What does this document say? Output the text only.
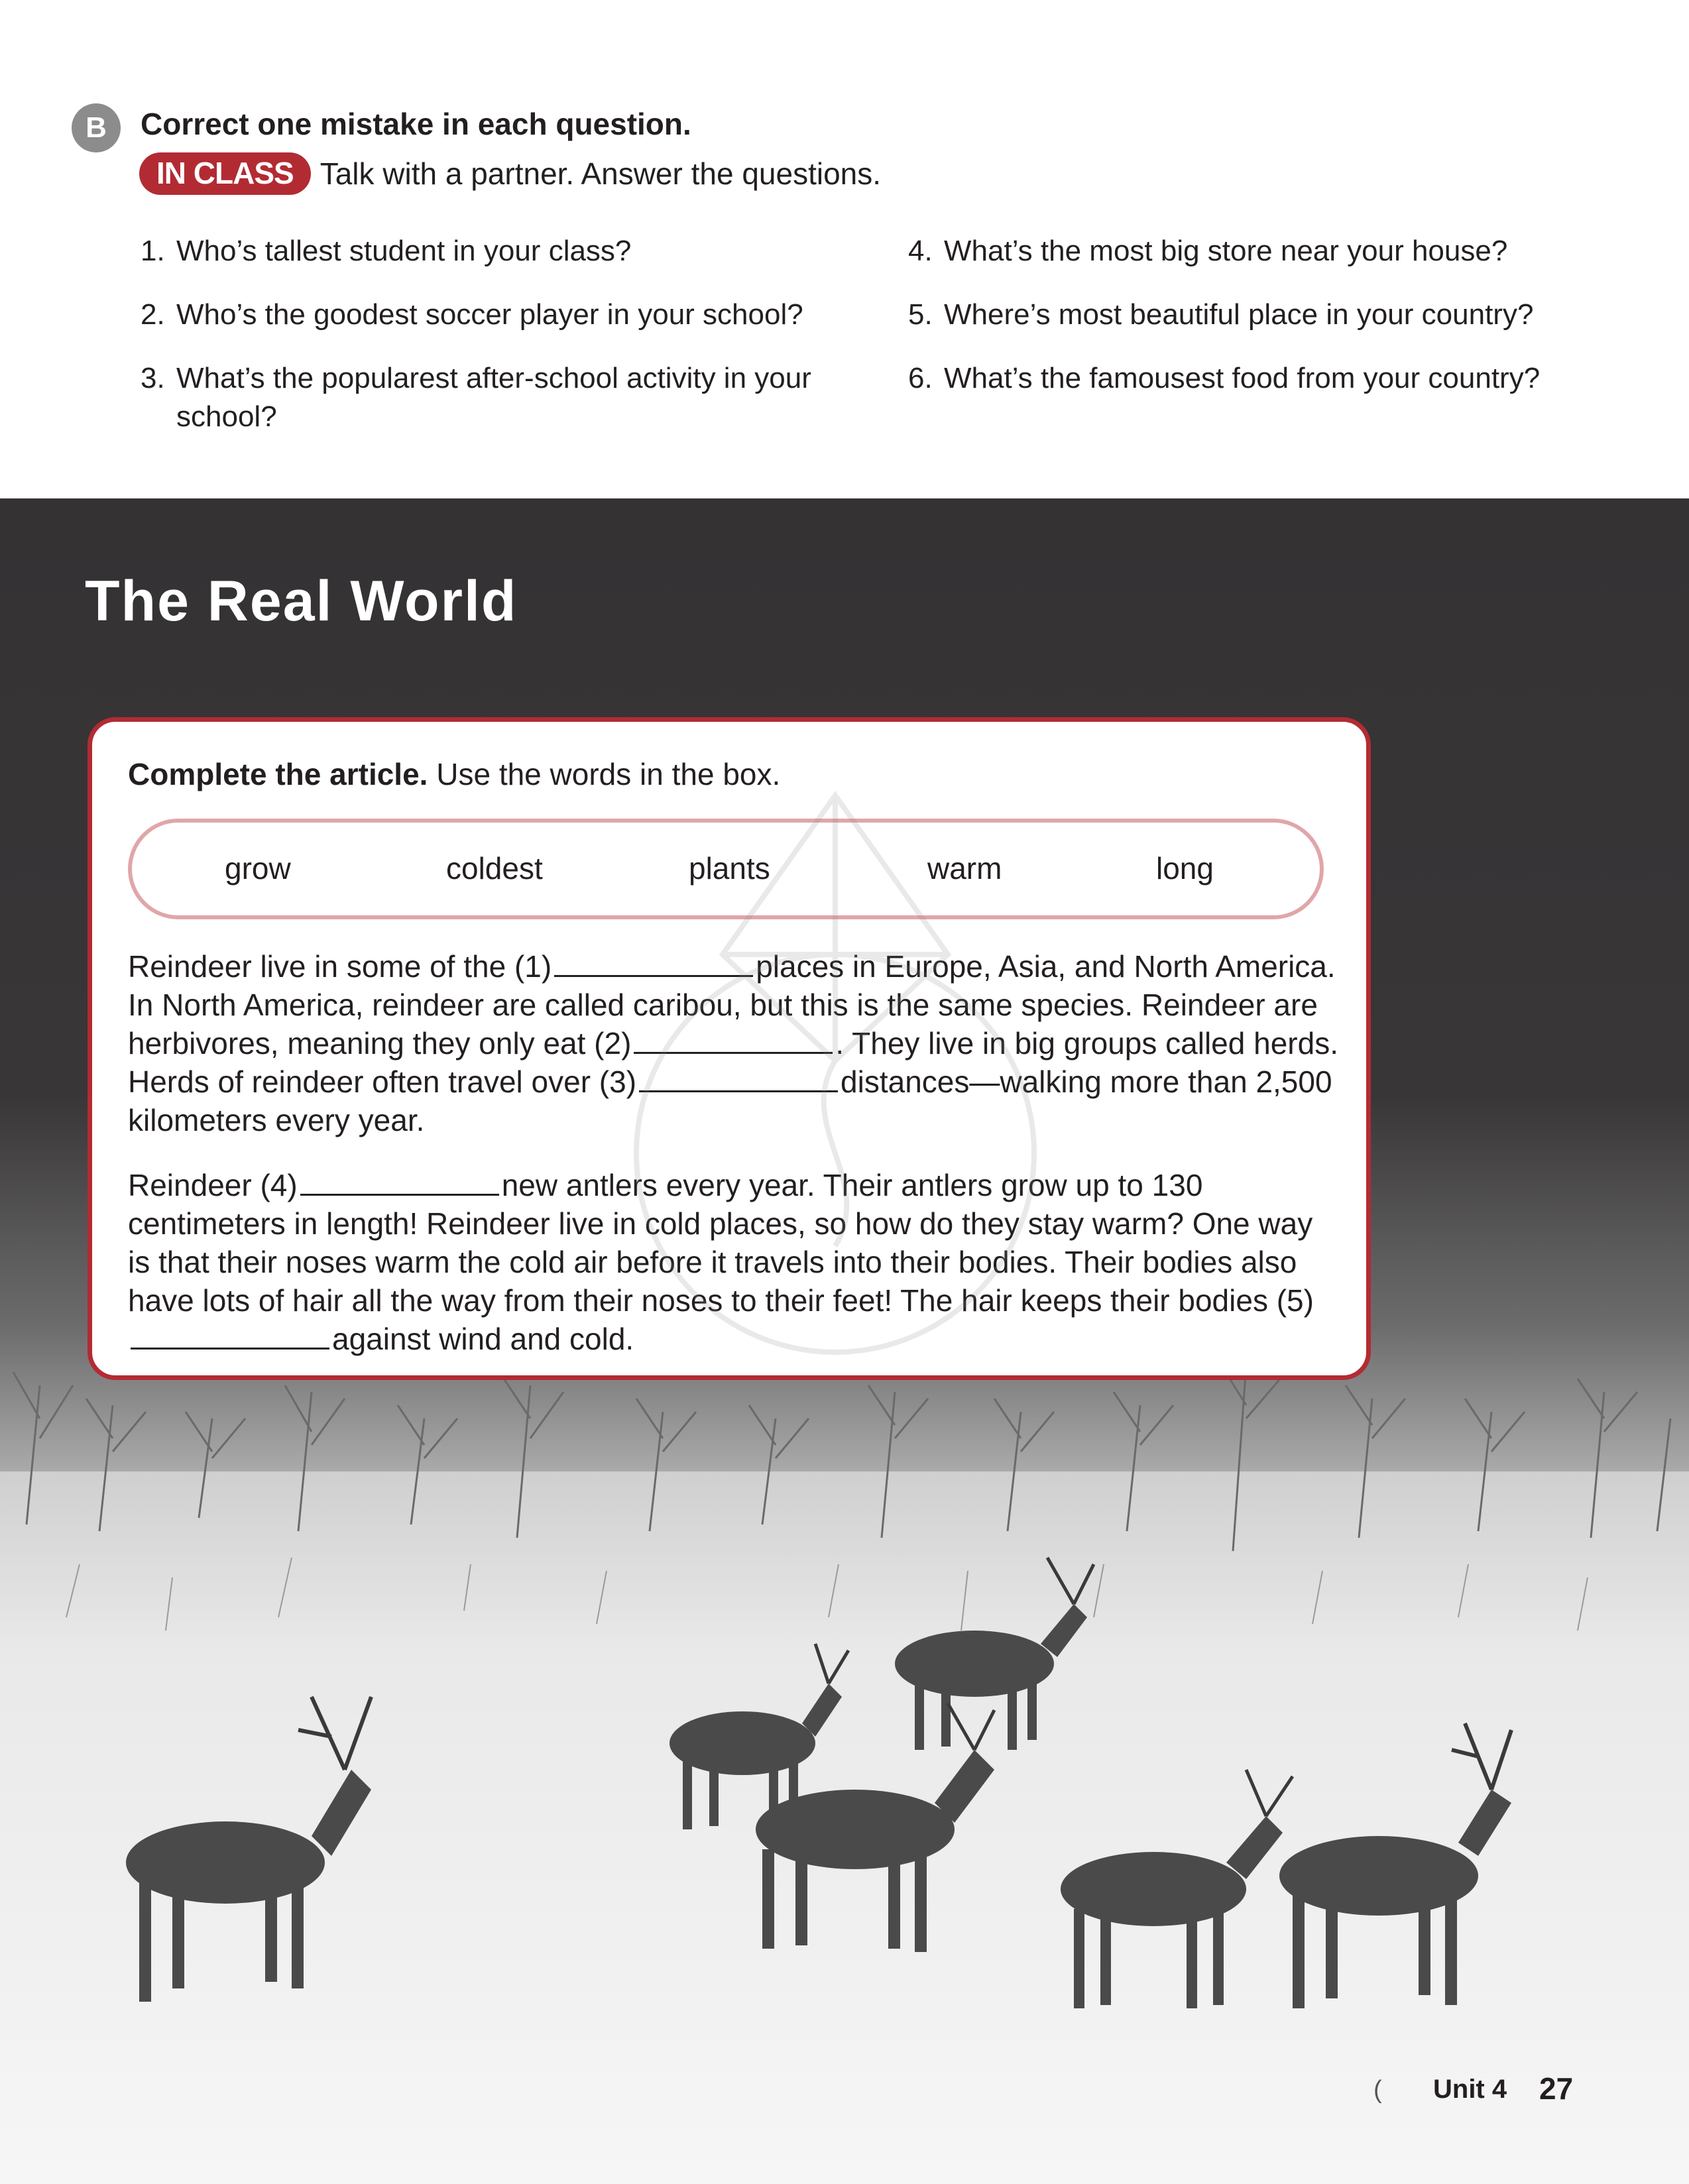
B	Correct one mistake in each question.
IN CLASS Talk with a partner. Answer the questions.
1. Who’s tallest student in your class?
2. Who’s the goodest soccer player in your school?
3. What’s the popularest after-school activity in your school?
4. What’s the most big store near your house?
5. Where’s most beautiful place in your country?
6. What’s the famousest food from your country?
The Real World
Complete the article. Use the words in the box.
grow	coldest	plants	warm	long
Reindeer live in some of the (1)	places in Europe, Asia, and North America. In North America, reindeer are called caribou, but this is the same species. Reindeer are herbivores, meaning they only eat (2)	. They live in big groups called herds. Herds of reindeer often travel over (3)	distances—walking more than 2,500 kilometers every year.
Reindeer (4)	new antlers every year. Their antlers grow up to 130 centimeters in length! Reindeer live in cold places, so how do they stay warm? One way is that their noses warm the cold air before it travels into their bodies. Their bodies also have lots of hair all the way from their noses to their feet! The hair keeps their bodies (5)against wind and cold.
( Unit 4 27
